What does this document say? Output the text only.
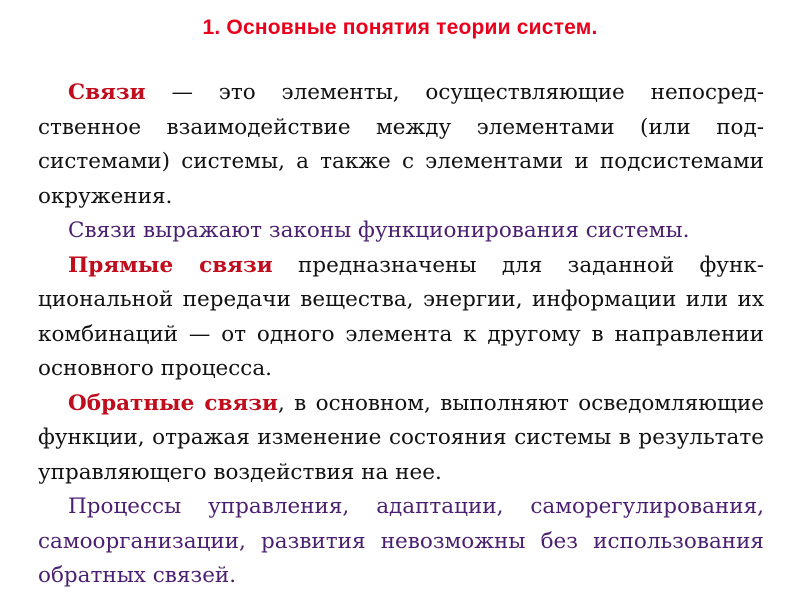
1. Основные понятия теории систем.

Связи — это элементы, осуществляющие непосредственное взаимодействие между элементами (или подсистемами) системы, а также с элементами и подсистемами окружения.

Связи выражают законы функционирования системы.

Прямые связи предназначены для заданной функциональной передачи вещества, энергии, информации или их комбинаций — от одного элемента к другому в направлении основного процесса.

Обратные связи, в основном, выполняют осведомляющие функции, отражая изменение состояния системы в результате управляющего воздействия на нее.

Процессы управления, адаптации, саморегулирования, самоорганизации, развития невозможны без использования обратных связей.
